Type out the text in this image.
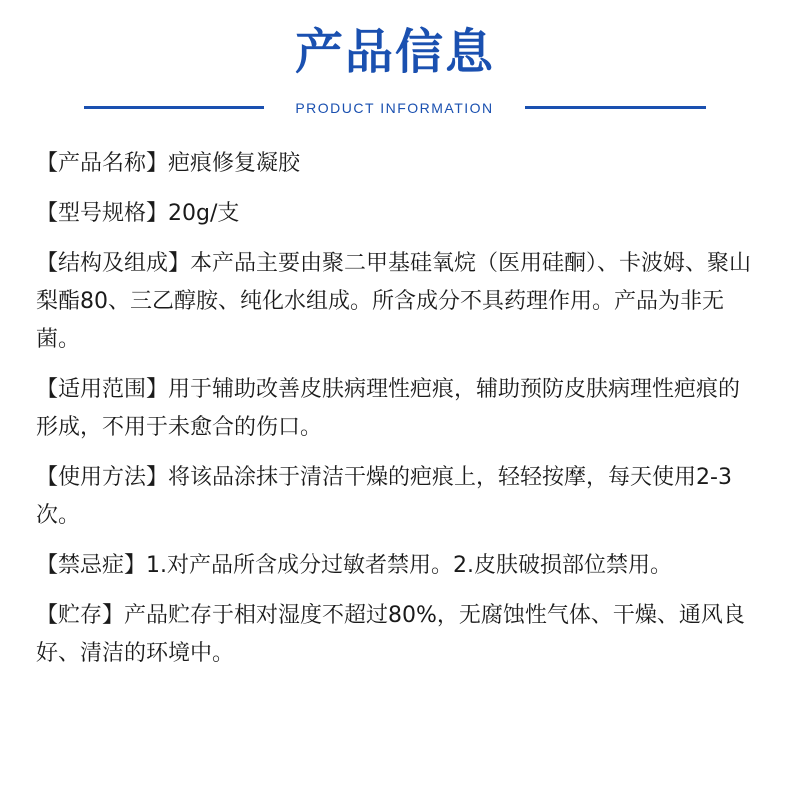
产品信息
PRODUCT INFORMATION

【产品名称】疤痕修复凝胶

【型号规格】20g/支

【结构及组成】本产品主要由聚二甲基硅氧烷（医用硅酮）、卡波姆、聚山梨酯80、三乙醇胺、纯化水组成。所含成分不具药理作用。产品为非无菌。

【适用范围】用于辅助改善皮肤病理性疤痕，辅助预防皮肤病理性疤痕的形成，不用于未愈合的伤口。

【使用方法】将该品涂抹于清洁干燥的疤痕上，轻轻按摩，每天使用2-3次。

【禁忌症】1.对产品所含成分过敏者禁用。2.皮肤破损部位禁用。

【贮存】产品贮存于相对湿度不超过80%，无腐蚀性气体、干燥、通风良好、清洁的环境中。
